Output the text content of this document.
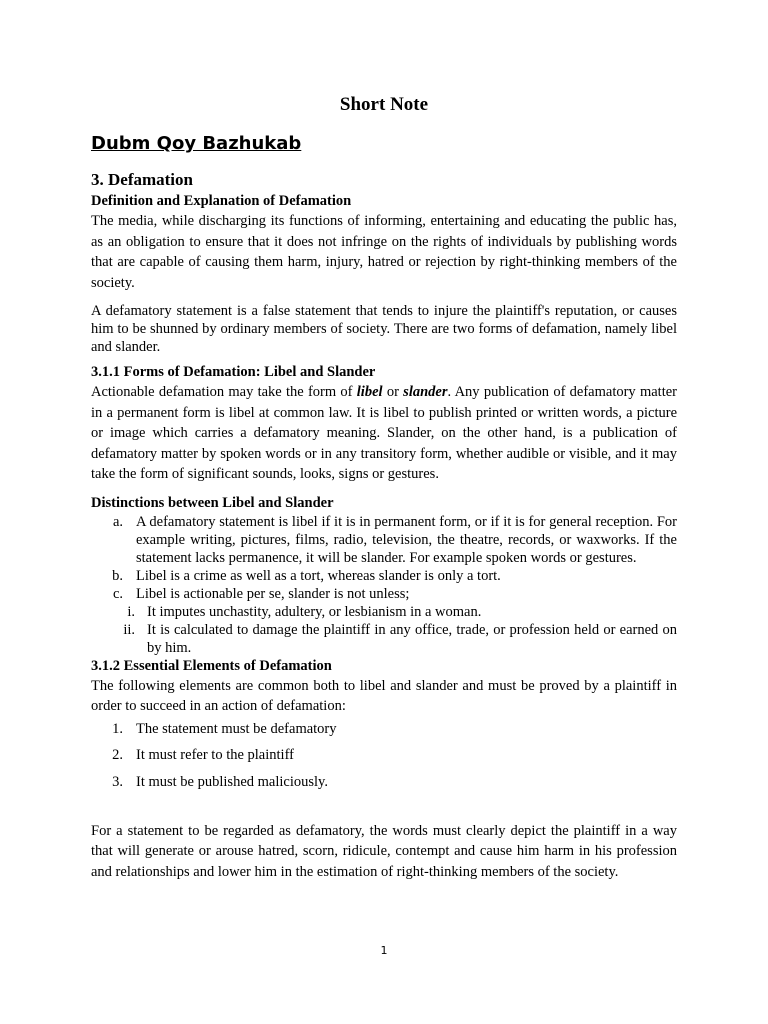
Short Note
Dubm Qoy Bazhukab
3. Defamation
Definition and Explanation of Defamation

The media, while discharging its functions of informing, entertaining and educating the public has, as an obligation to ensure that it does not infringe on the rights of individuals by publishing words that are capable of causing them harm, injury, hatred or rejection by right-thinking members of the society.

A defamatory statement is a false statement that tends to injure the plaintiff's reputation, or causes him to be shunned by ordinary members of society. There are two forms of defamation, namely libel and slander.

3.1.1 Forms of Defamation: Libel and Slander

Actionable defamation may take the form of libel or slander. Any publication of defamatory matter in a permanent form is libel at common law. It is libel to publish printed or written words, a picture or image which carries a defamatory meaning. Slander, on the other hand, is a publication of defamatory matter by spoken words or in any transitory form, whether audible or visible, and it may take the form of significant sounds, looks, signs or gestures.

Distinctions between Libel and Slander
a. A defamatory statement is libel if it is in permanent form, or if it is for general reception. For example writing, pictures, films, radio, television, the theatre, records, or waxworks. If the statement lacks permanence, it will be slander. For example spoken words or gestures.
b. Libel is a crime as well as a tort, whereas slander is only a tort.
c. Libel is actionable per se, slander is not unless;
i. It imputes unchastity, adultery, or lesbianism in a woman.
ii. It is calculated to damage the plaintiff in any office, trade, or profession held or earned on by him.
3.1.2 Essential Elements of Defamation

The following elements are common both to libel and slander and must be proved by a plaintiff in order to succeed in an action of defamation:

1. The statement must be defamatory
2. It must refer to the plaintiff
3. It must be published maliciously.

For a statement to be regarded as defamatory, the words must clearly depict the plaintiff in a way that will generate or arouse hatred, scorn, ridicule, contempt and cause him harm in his profession and relationships and lower him in the estimation of right-thinking members of the society.

1
